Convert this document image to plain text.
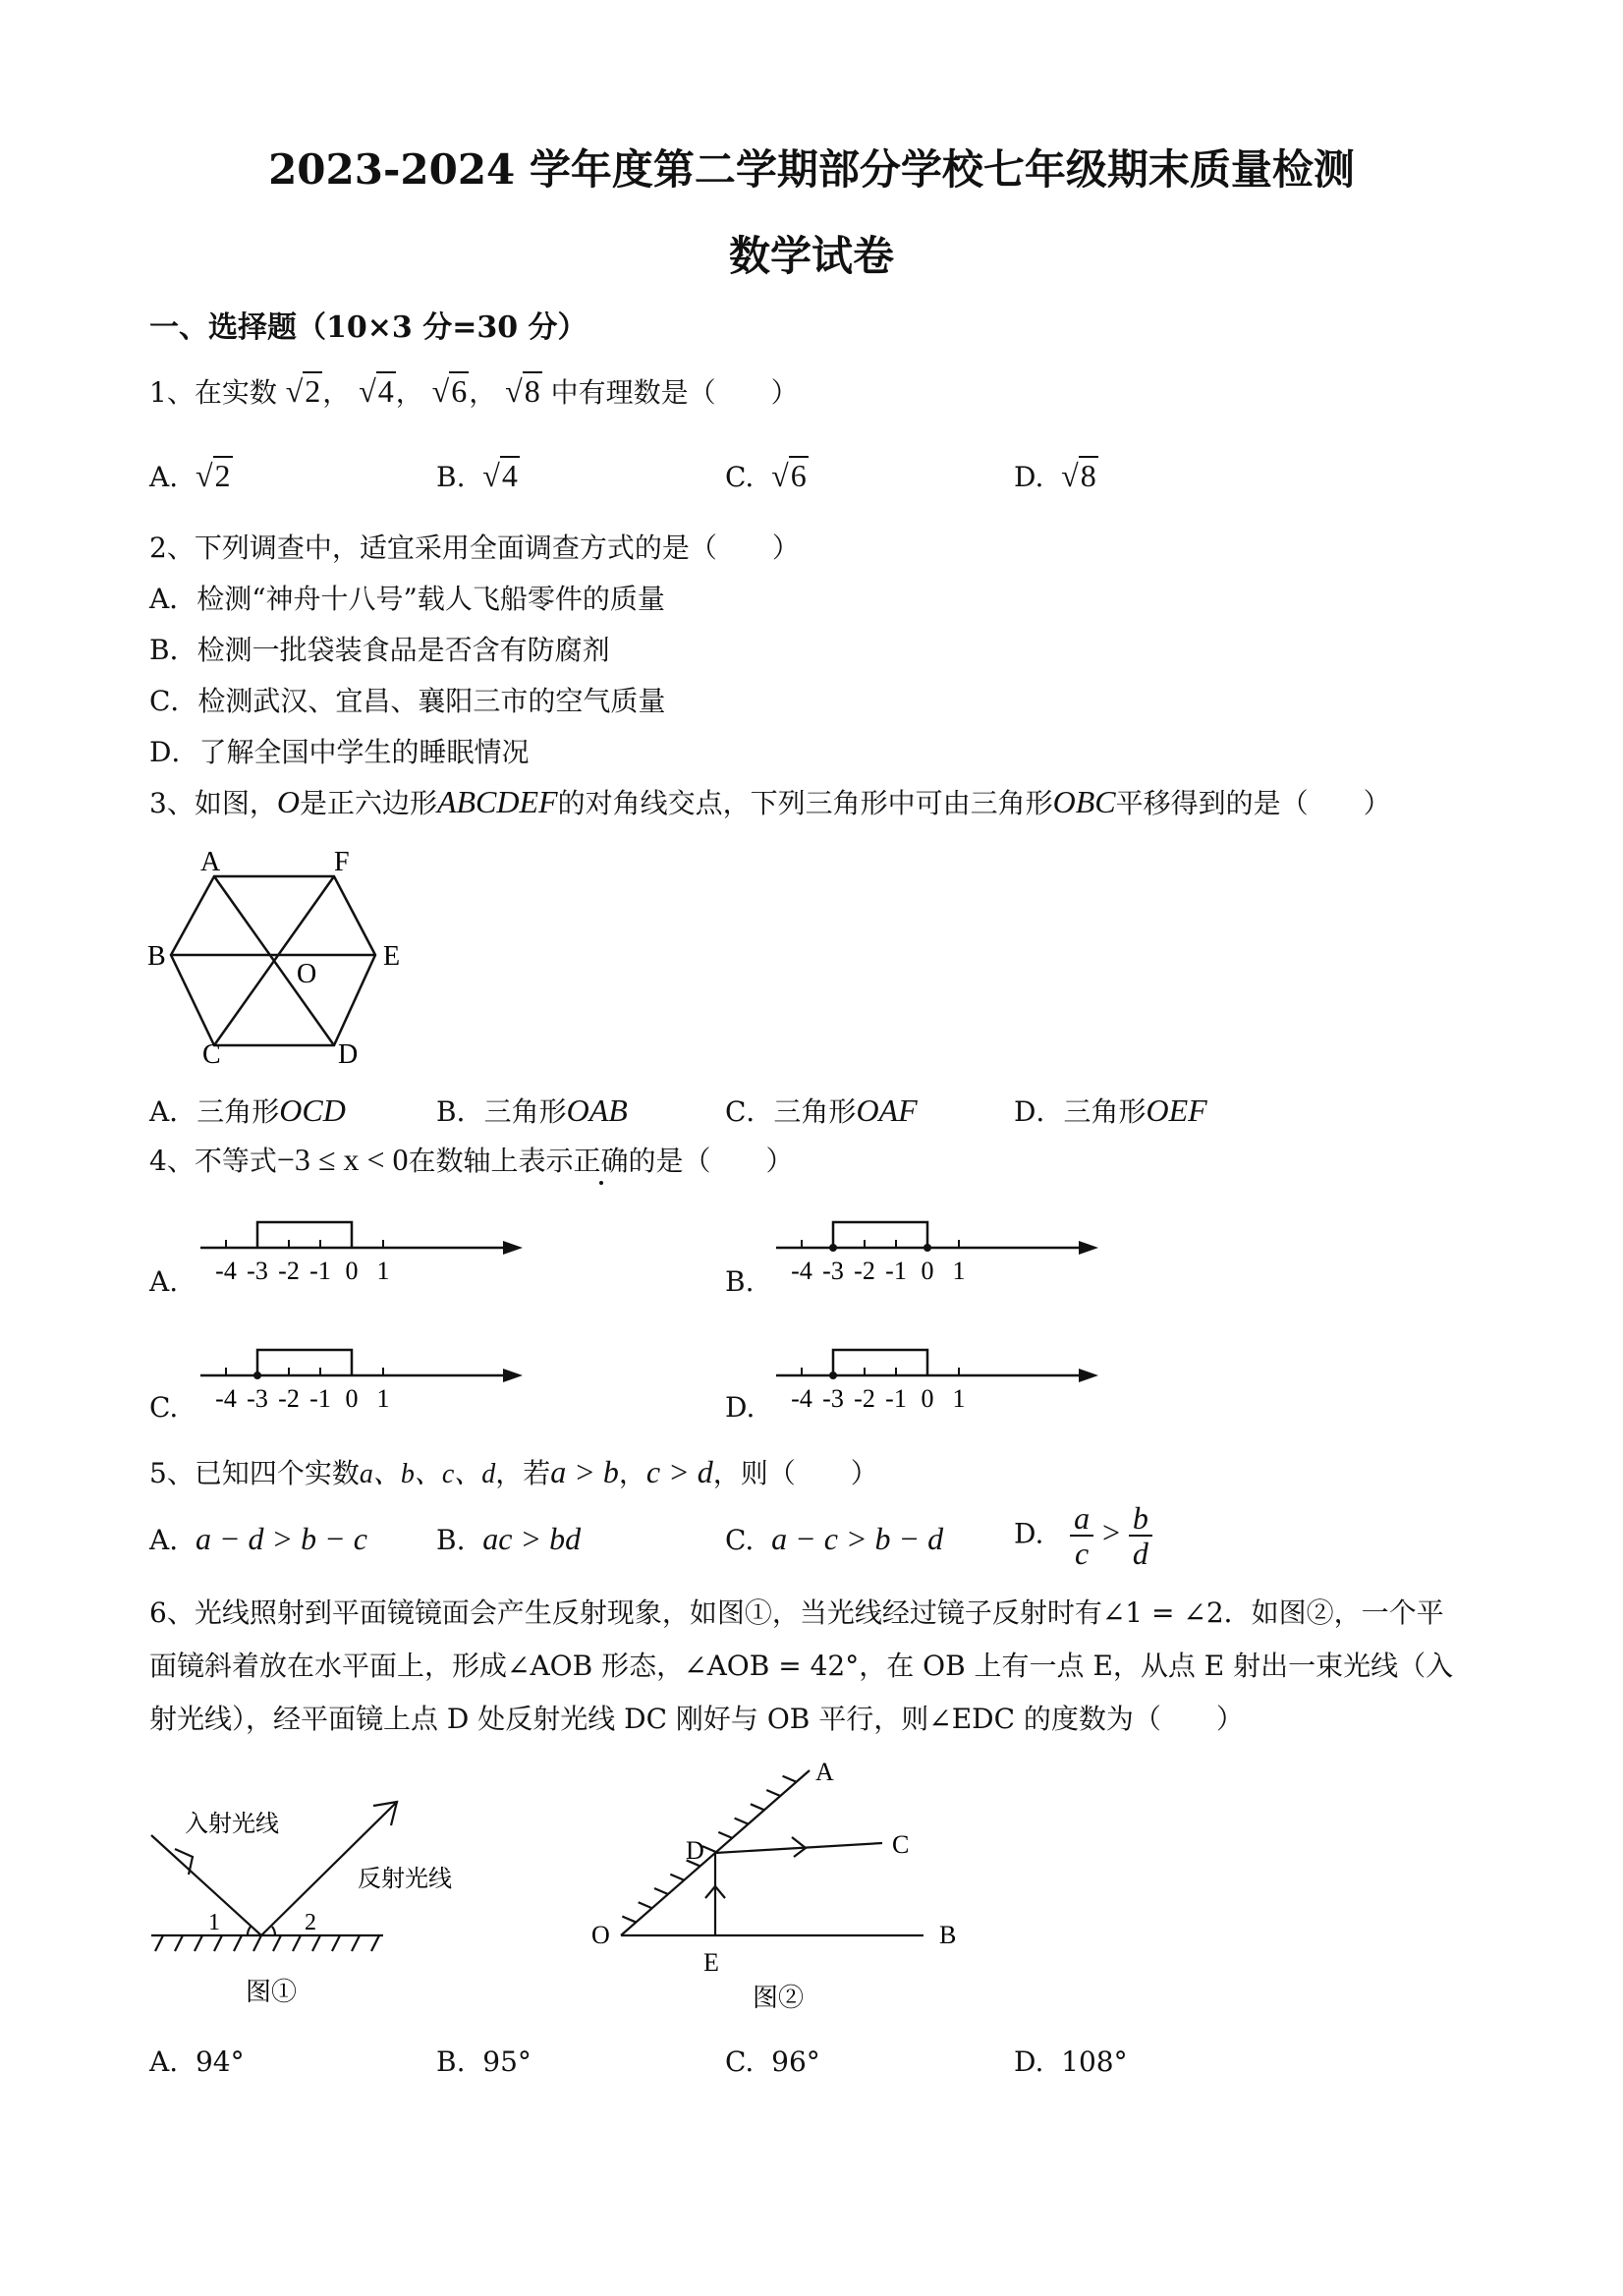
2023-2024 学年度第二学期部分学校七年级期末质量检测
数学试卷
一、选择题（10×3 分=30 分）
1、在实数 √2， √4， √6， √8 中有理数是（　　）
A. √2	B. √4	C. √6	D. √8
2、下列调查中，适宜采用全面调查方式的是（　　）
A．检测“神舟十八号”载人飞船零件的质量
B．检测一批袋装食品是否含有防腐剂
C．检测武汉、宜昌、襄阳三市的空气质量
D．了解全国中学生的睡眠情况
3、如图，O是正六边形ABCDEF的对角线交点，下列三角形中可由三角形OBC平移得到的是（　　）
A	F
B	E
O
C	D
A．三角形OCD	B．三角形OAB	C．三角形OAF	D．三角形OEF
4、不等式−3 ≤ x < 0在数轴上表示正确的是（　　）
A.	B.
C.	D.
-4 -3 -2 -1 0 1	-4 -3 -2 -1 0 1
-4 -3 -2 -1 0 1	-4 -3 -2 -1 0 1
5、已知四个实数a、b、c、d，若a > b，c > d，则（　　）
A. a − d > b − c	B. ac > bd	C. a − c > b − d	D. $\frac{a}{c} > \frac{b}{d}$
6、光线照射到平面镜镜面会产生反射现象，如图①，当光线经过镜子反射时有∠1 = ∠2．如图②，一个平
面镜斜着放在水平面上，形成∠AOB 形态，∠AOB = 42°，在 OB 上有一点 E，从点 E 射出一束光线（入
射光线），经平面镜上点 D 处反射光线 DC 刚好与 OB 平行，则∠EDC 的度数为（　　）
入射光线
反射光线
1	2
图①
A
C
D
O
E
B
图②
A. 94°	B. 95°	C. 96°	D. 108°
